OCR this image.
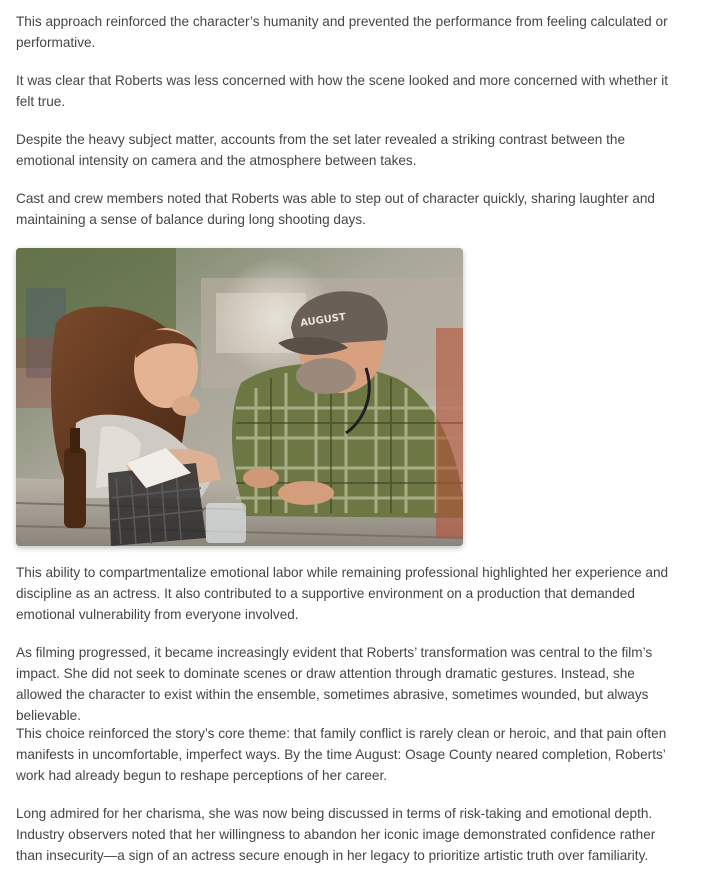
This approach reinforced the character’s humanity and prevented the performance from feeling calculated or performative.

It was clear that Roberts was less concerned with how the scene looked and more concerned with whether it felt true.

Despite the heavy subject matter, accounts from the set later revealed a striking contrast between the emotional intensity on camera and the atmosphere between takes.

Cast and crew members noted that Roberts was able to step out of character quickly, sharing laughter and maintaining a sense of balance during long shooting days.

AUGUST

This ability to compartmentalize emotional labor while remaining professional highlighted her experience and discipline as an actress. It also contributed to a supportive environment on a production that demanded emotional vulnerability from everyone involved.

As filming progressed, it became increasingly evident that Roberts’ transformation was central to the film’s impact. She did not seek to dominate scenes or draw attention through dramatic gestures. Instead, she allowed the character to exist within the ensemble, sometimes abrasive, sometimes wounded, but always believable.

This choice reinforced the story’s core theme: that family conflict is rarely clean or heroic, and that pain often manifests in uncomfortable, imperfect ways. By the time August: Osage County neared completion, Roberts’ work had already begun to reshape perceptions of her career.

Long admired for her charisma, she was now being discussed in terms of risk-taking and emotional depth. Industry observers noted that her willingness to abandon her iconic image demonstrated confidence rather than insecurity—a sign of an actress secure enough in her legacy to prioritize artistic truth over familiarity.
